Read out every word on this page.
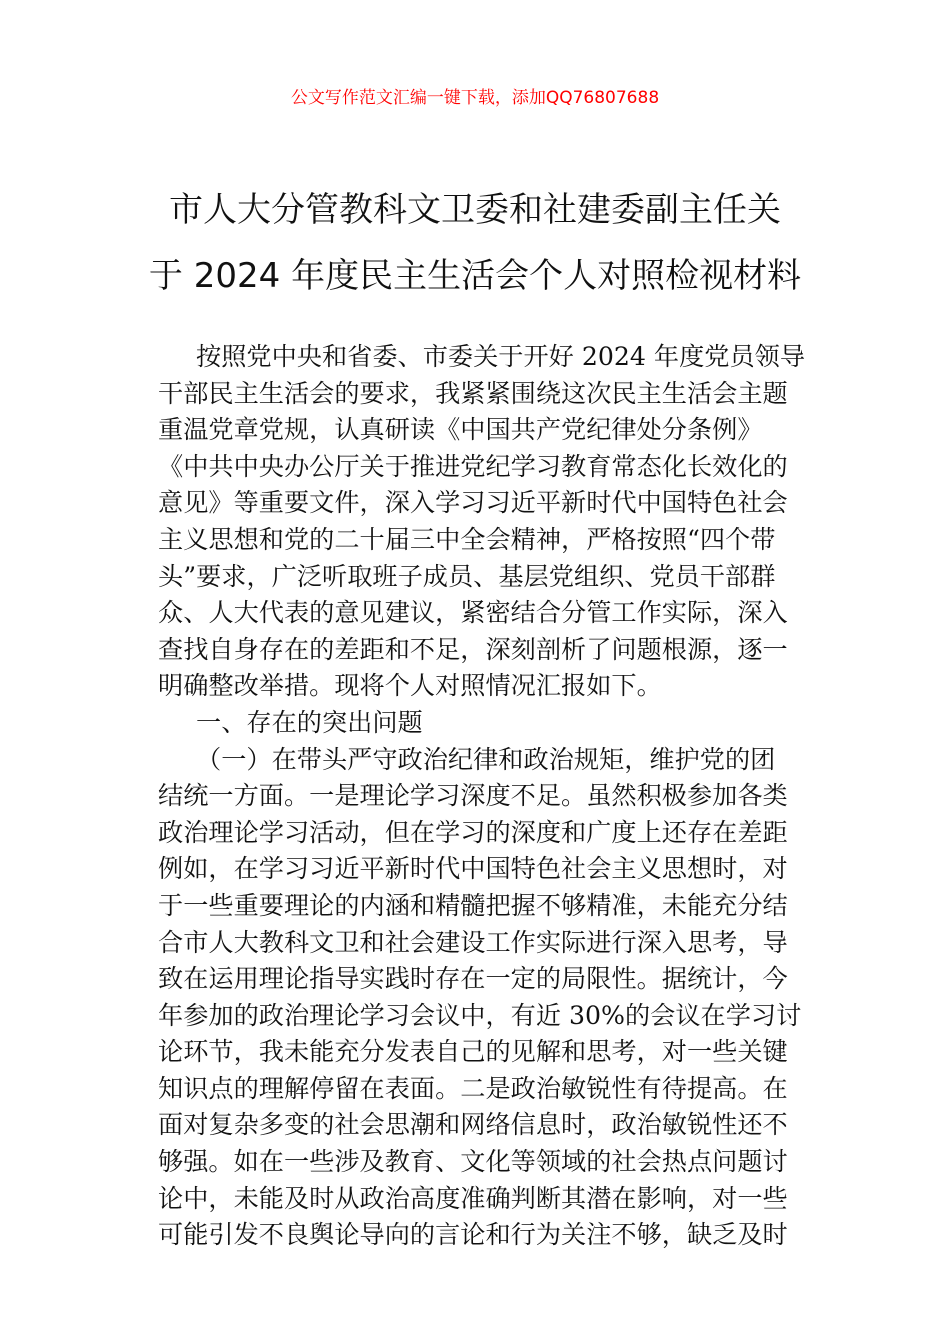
公文写作范文汇编一键下载，添加QQ76807688
市人大分管教科文卫委和社建委副主任关
于 2024 年度民主生活会个人对照检视材料
按照党中央和省委、市委关于开好 2024 年度党员领导
干部民主生活会的要求，我紧紧围绕这次民主生活会主题
重温党章党规，认真研读《中国共产党纪律处分条例》
《中共中央办公厅关于推进党纪学习教育常态化长效化的
意见》等重要文件，深入学习习近平新时代中国特色社会
主义思想和党的二十届三中全会精神，严格按照“四个带
头”要求，广泛听取班子成员、基层党组织、党员干部群
众、人大代表的意见建议，紧密结合分管工作实际，深入
查找自身存在的差距和不足，深刻剖析了问题根源，逐一
明确整改举措。现将个人对照情况汇报如下。
一、存在的突出问题
（一）在带头严守政治纪律和政治规矩，维护党的团
结统一方面。一是理论学习深度不足。虽然积极参加各类
政治理论学习活动，但在学习的深度和广度上还存在差距
例如，在学习习近平新时代中国特色社会主义思想时，对
于一些重要理论的内涵和精髓把握不够精准，未能充分结
合市人大教科文卫和社会建设工作实际进行深入思考，导
致在运用理论指导实践时存在一定的局限性。据统计，今
年参加的政治理论学习会议中，有近 30%的会议在学习讨
论环节，我未能充分发表自己的见解和思考，对一些关键
知识点的理解停留在表面。二是政治敏锐性有待提高。在
面对复杂多变的社会思潮和网络信息时，政治敏锐性还不
够强。如在一些涉及教育、文化等领域的社会热点问题讨
论中，未能及时从政治高度准确判断其潜在影响，对一些
可能引发不良舆论导向的言论和行为关注不够，缺乏及时
